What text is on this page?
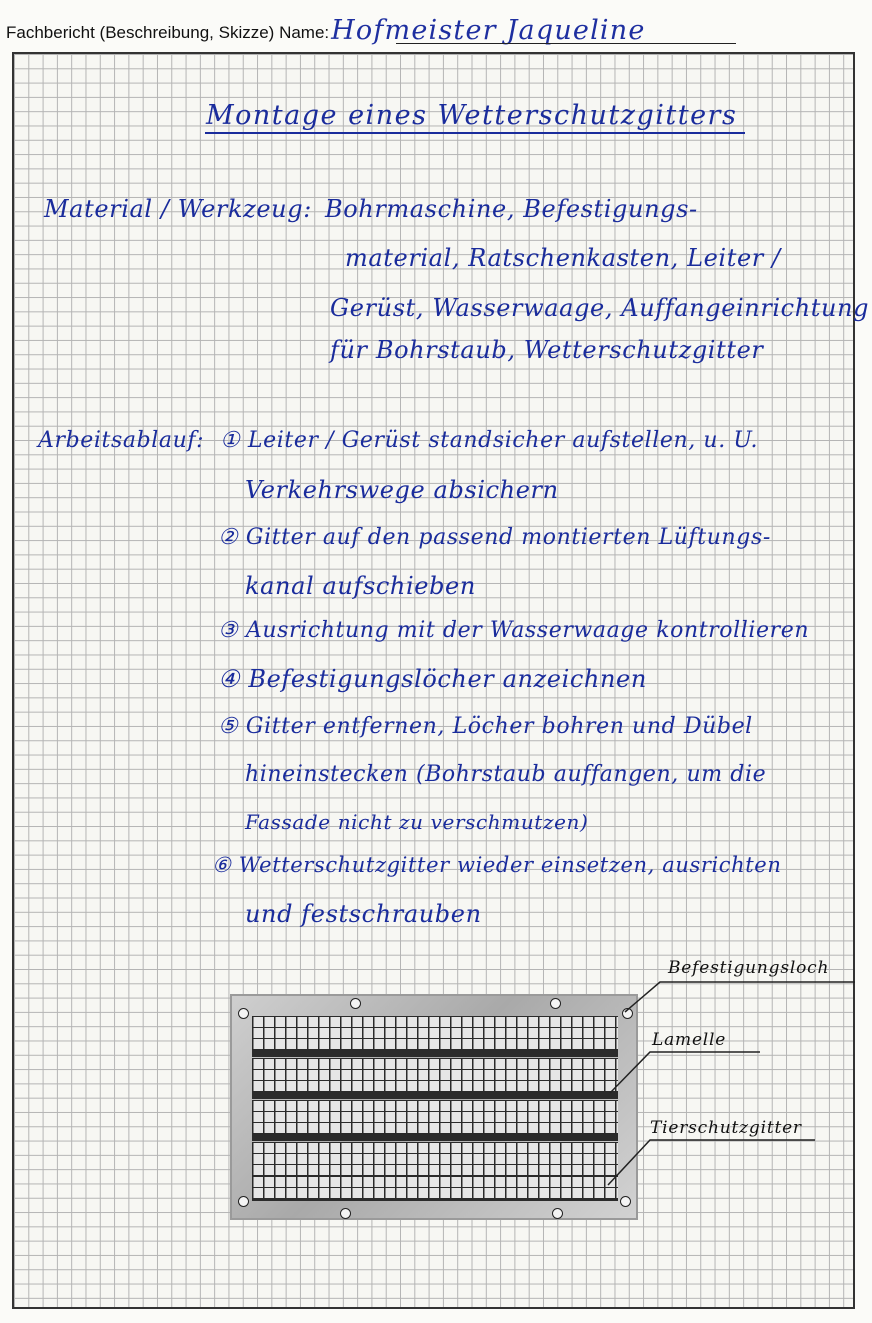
Fachbericht (Beschreibung, Skizze) Name:Hofmeister Jaqueline
Montage eines Wetterschutzgitters
Material / Werkzeug: Bohrmaschine, Befestigungs-
material, Ratschenkasten, Leiter /
Gerüst, Wasserwaage, Auffangeinrichtung
für Bohrstaub, Wetterschutzgitter
Arbeitsablauf: ① Leiter / Gerüst standsicher aufstellen, u. U.
Verkehrswege absichern
② Gitter auf den passend montierten Lüftungs-
kanal aufschieben
③ Ausrichtung mit der Wasserwaage kontrollieren
④ Befestigungslöcher anzeichnen
⑤ Gitter entfernen, Löcher bohren und Dübel
hineinstecken (Bohrstaub auffangen, um die
Fassade nicht zu verschmutzen)
⑥ Wetterschutzgitter wieder einsetzen, ausrichten
und festschrauben
Befestigungsloch
Lamelle
Tierschutzgitter
